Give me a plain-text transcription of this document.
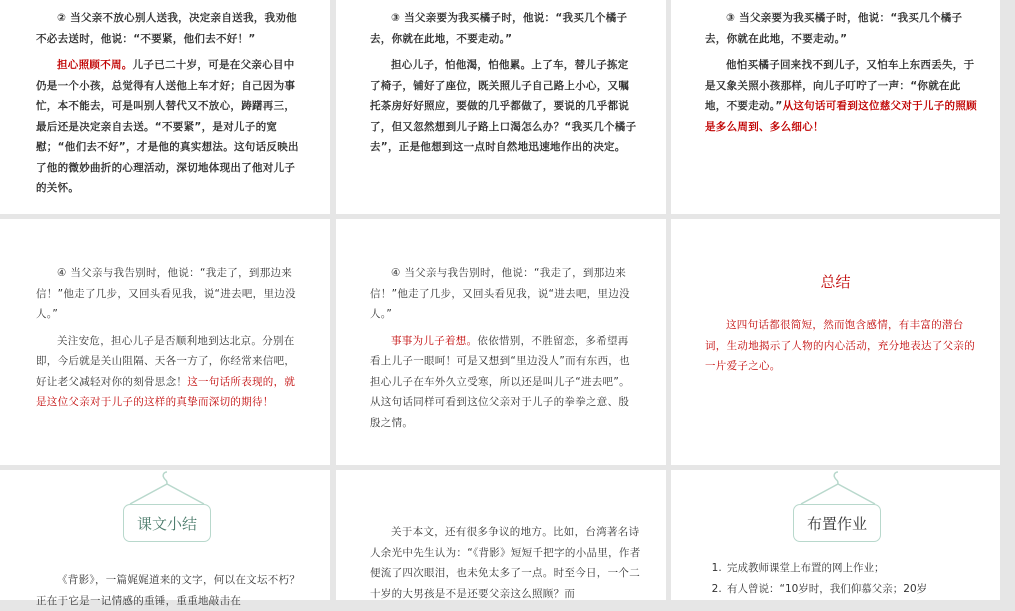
② 当父亲不放心别人送我，决定亲自送我，我劝他不必去送时，他说：“不要紧，他们去不好！”

担心照顾不周。儿子已二十岁，可是在父亲心目中仍是一个小孩，总觉得有人送他上车才好；自己因为事忙，本不能去，可是叫别人替代又不放心，踌躇再三，最后还是决定亲自去送。“不要紧”，是对儿子的宽慰；“他们去不好”，才是他的真实想法。这句话反映出了他的微妙曲折的心理活动，深切地体现出了他对儿子的关怀。

③ 当父亲要为我买橘子时，他说：“我买几个橘子去，你就在此地，不要走动。”

担心儿子，怕他渴，怕他累。上了车，替儿子拣定了椅子，铺好了座位，既关照儿子自己路上小心，又嘱托茶房好好照应，要做的几乎都做了，要说的几乎都说了，但又忽然想到儿子路上口渴怎么办？“我买几个橘子去”，正是他想到这一点时自然地迅速地作出的决定。

③ 当父亲要为我买橘子时，他说：“我买几个橘子去，你就在此地，不要走动。”

他怕买橘子回来找不到儿子，又怕车上东西丢失，于是又象关照小孩那样，向儿子叮咛了一声：“你就在此地，不要走动。”从这句话可看到这位慈父对于儿子的照顾是多么周到、多么细心！

④ 当父亲与我告别时，他说：“我走了，到那边来信！”他走了几步，又回头看见我，说“进去吧，里边没人。”

关注安危，担心儿子是否顺利地到达北京。分别在即，今后就是关山阻隔、天各一方了，你经常来信吧，好让老父减轻对你的刻骨思念！这一句话所表现的，就是这位父亲对于儿子的这样的真挚而深切的期待！

④ 当父亲与我告别时，他说：“我走了，到那边来信！”他走了几步，又回头看见我，说“进去吧，里边没人。”

事事为儿子着想。依依惜别，不胜留恋，多希望再看上儿子一眼呵！可是又想到“里边没人”而有东西，也担心儿子在车外久立受寒，所以还是叫儿子“进去吧”。从这句话同样可看到这位父亲对于儿子的拳拳之意、殷殷之情。

总结

这四句话都很简短，然而饱含感情，有丰富的潜台词，生动地揭示了人物的内心活动，充分地表达了父亲的一片爱子之心。

课文小结

《背影》，一篇娓娓道来的文字，何以在文坛不朽？正在于它是一记情感的重锤，重重地敲击在

关于本文，还有很多争议的地方。比如，台湾著名诗人余光中先生认为：“《背影》短短千把字的小品里，作者便流了四次眼泪，也未免太多了一点。时至今日，一个二十岁的大男孩是不是还要父亲这么照顾？而

布置作业
1. 完成教师课堂上布置的网上作业；
2. 有人曾说：“10岁时，我们仰慕父亲；20岁
